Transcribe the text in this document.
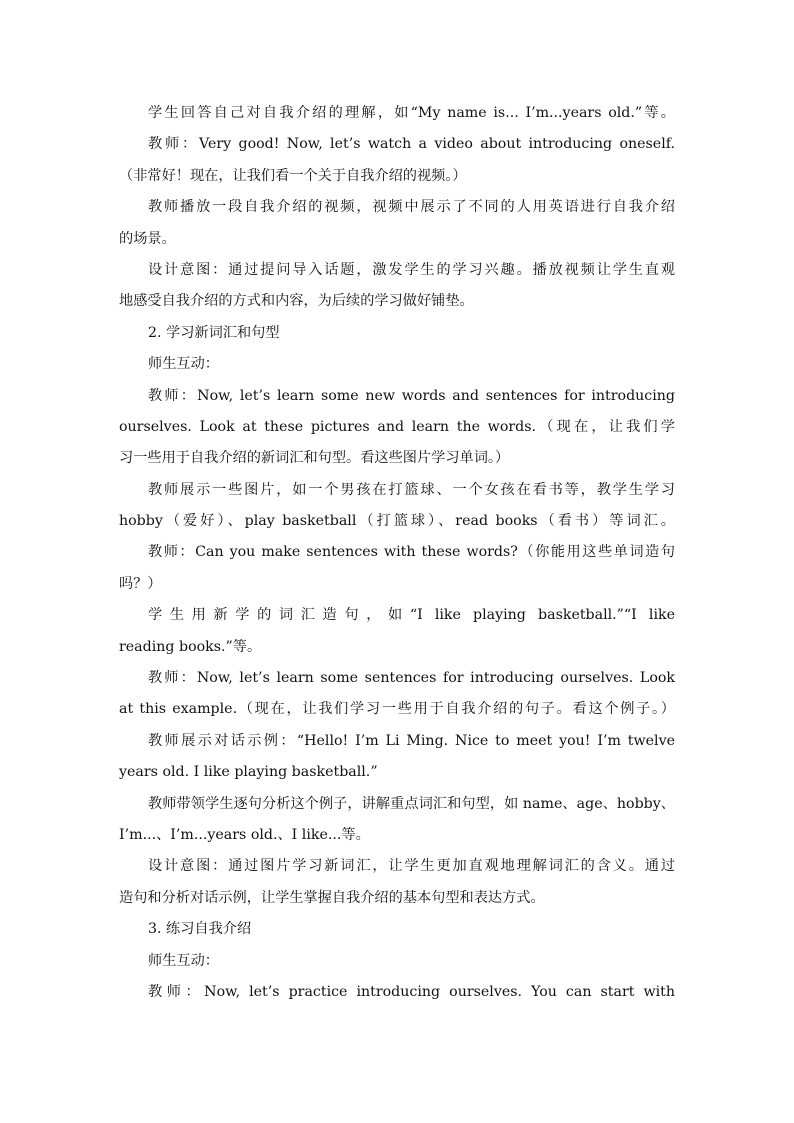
学生回答自己对自我介绍的理解，如“My name is... I’m...years old.”等。
教师：Very good! Now, let’s watch a video about introducing oneself.
（非常好！现在，让我们看一个关于自我介绍的视频。）
教师播放一段自我介绍的视频，视频中展示了不同的人用英语进行自我介绍
的场景。
设计意图：通过提问导入话题，激发学生的学习兴趣。播放视频让学生直观
地感受自我介绍的方式和内容，为后续的学习做好铺垫。
2. 学习新词汇和句型
师生互动：
教师：Now, let’s learn some new words and sentences for introducing
ourselves. Look at these pictures and learn the words.（现在，让我们学
习一些用于自我介绍的新词汇和句型。看这些图片学习单词。）
教师展示一些图片，如一个男孩在打篮球、一个女孩在看书等，教学生学习
hobby（爱好）、play basketball（打篮球）、read books（看书）等词汇。
教师：Can you make sentences with these words?（你能用这些单词造句
吗？）
学生用新学的词汇造句，如“I like playing basketball.”“I like
reading books.”等。
教师：Now, let’s learn some sentences for introducing ourselves. Look
at this example.（现在，让我们学习一些用于自我介绍的句子。看这个例子。）
教师展示对话示例：“Hello! I’m Li Ming. Nice to meet you! I’m twelve
years old. I like playing basketball.”
教师带领学生逐句分析这个例子，讲解重点词汇和句型，如 name、age、hobby、
I’m...、I’m...years old.、I like...等。
设计意图：通过图片学习新词汇，让学生更加直观地理解词汇的含义。通过
造句和分析对话示例，让学生掌握自我介绍的基本句型和表达方式。
3. 练习自我介绍
师生互动：
教师：Now, let’s practice introducing ourselves. You can start with
